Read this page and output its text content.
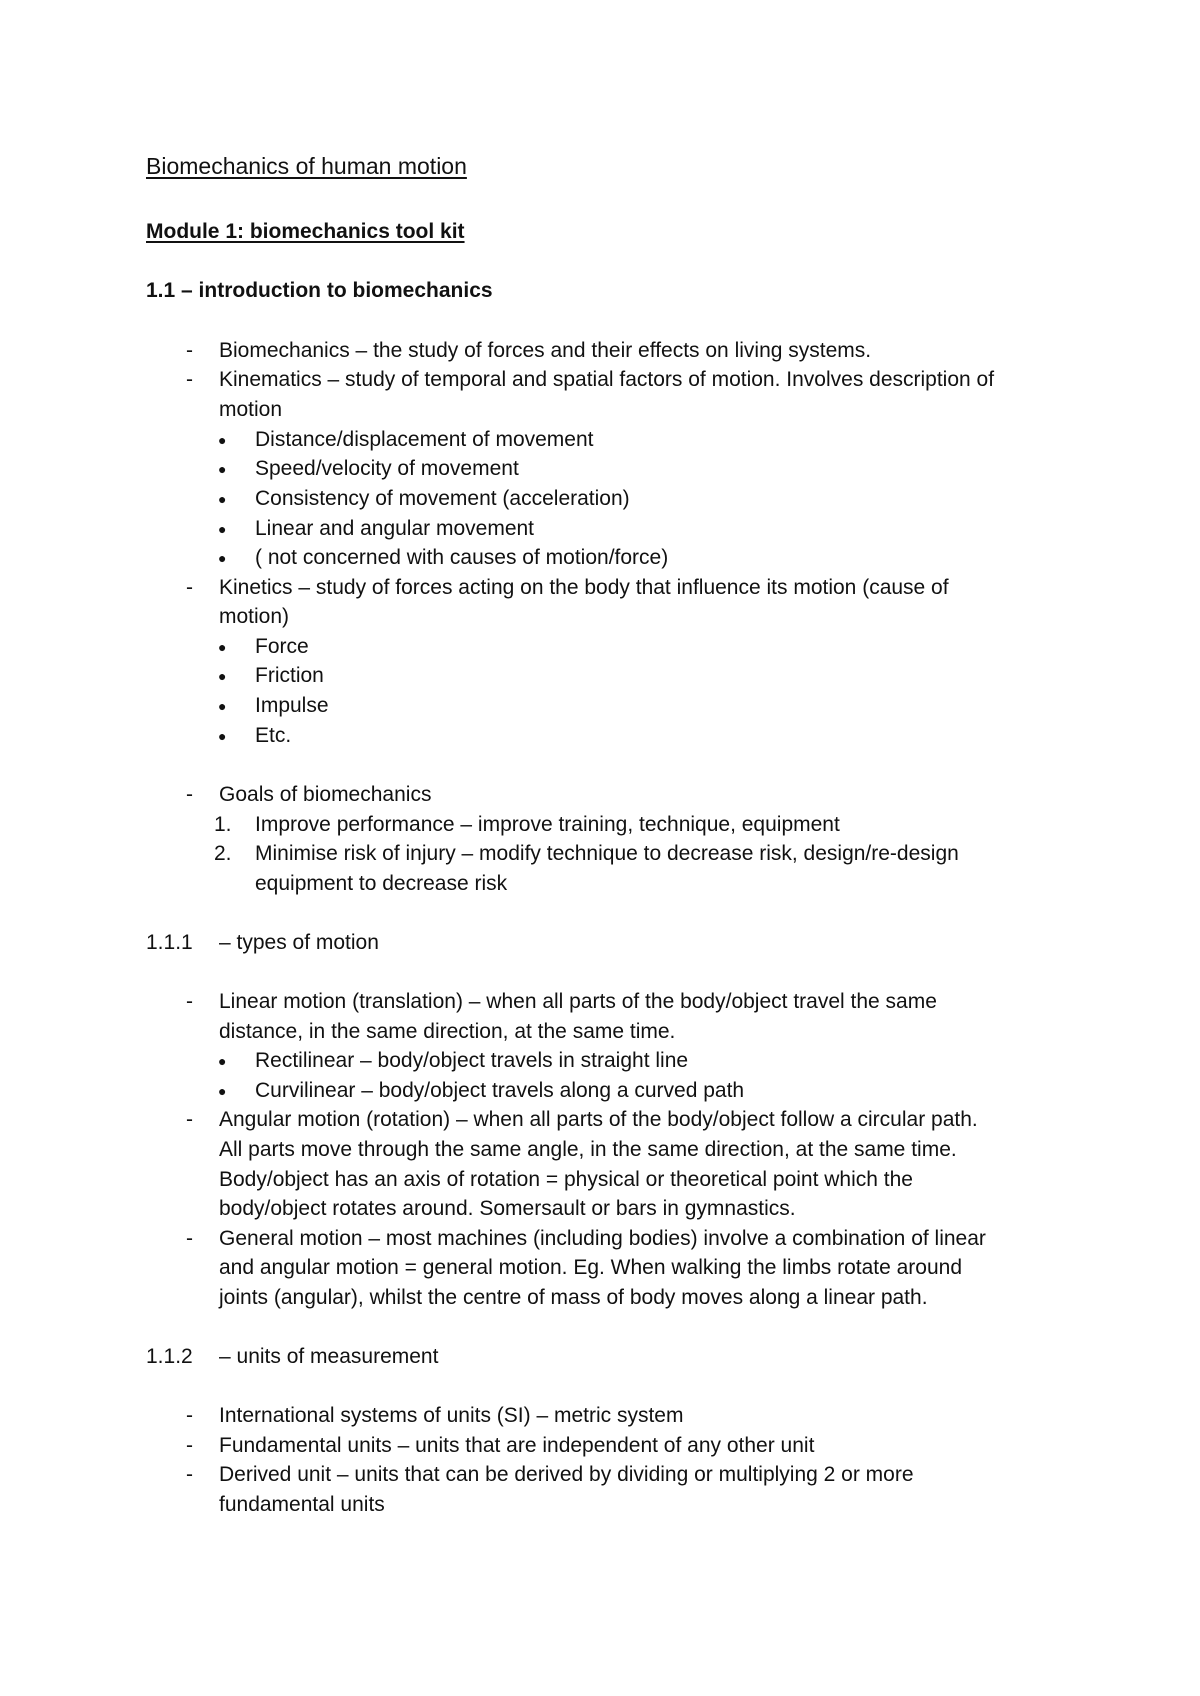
Biomechanics of human motion
Module 1: biomechanics tool kit
1.1 – introduction to biomechanics
- Biomechanics – the study of forces and their effects on living systems.
- Kinematics – study of temporal and spatial factors of motion. Involves description of
motion
● Distance/displacement of movement
● Speed/velocity of movement
● Consistency of movement (acceleration)
● Linear and angular movement
● ( not concerned with causes of motion/force)
- Kinetics – study of forces acting on the body that influence its motion (cause of
motion)
● Force
● Friction
● Impulse
● Etc.
- Goals of biomechanics
1. Improve performance – improve training, technique, equipment
2. Minimise risk of injury – modify technique to decrease risk, design/re-design
equipment to decrease risk
1.1.1 – types of motion
- Linear motion (translation) – when all parts of the body/object travel the same
distance, in the same direction, at the same time.
● Rectilinear – body/object travels in straight line
● Curvilinear – body/object travels along a curved path
- Angular motion (rotation) – when all parts of the body/object follow a circular path.
All parts move through the same angle, in the same direction, at the same time.
Body/object has an axis of rotation = physical or theoretical point which the
body/object rotates around. Somersault or bars in gymnastics.
- General motion – most machines (including bodies) involve a combination of linear
and angular motion = general motion. Eg. When walking the limbs rotate around
joints (angular), whilst the centre of mass of body moves along a linear path.
1.1.2 – units of measurement
- International systems of units (SI) – metric system
- Fundamental units – units that are independent of any other unit
- Derived unit – units that can be derived by dividing or multiplying 2 or more
fundamental units
